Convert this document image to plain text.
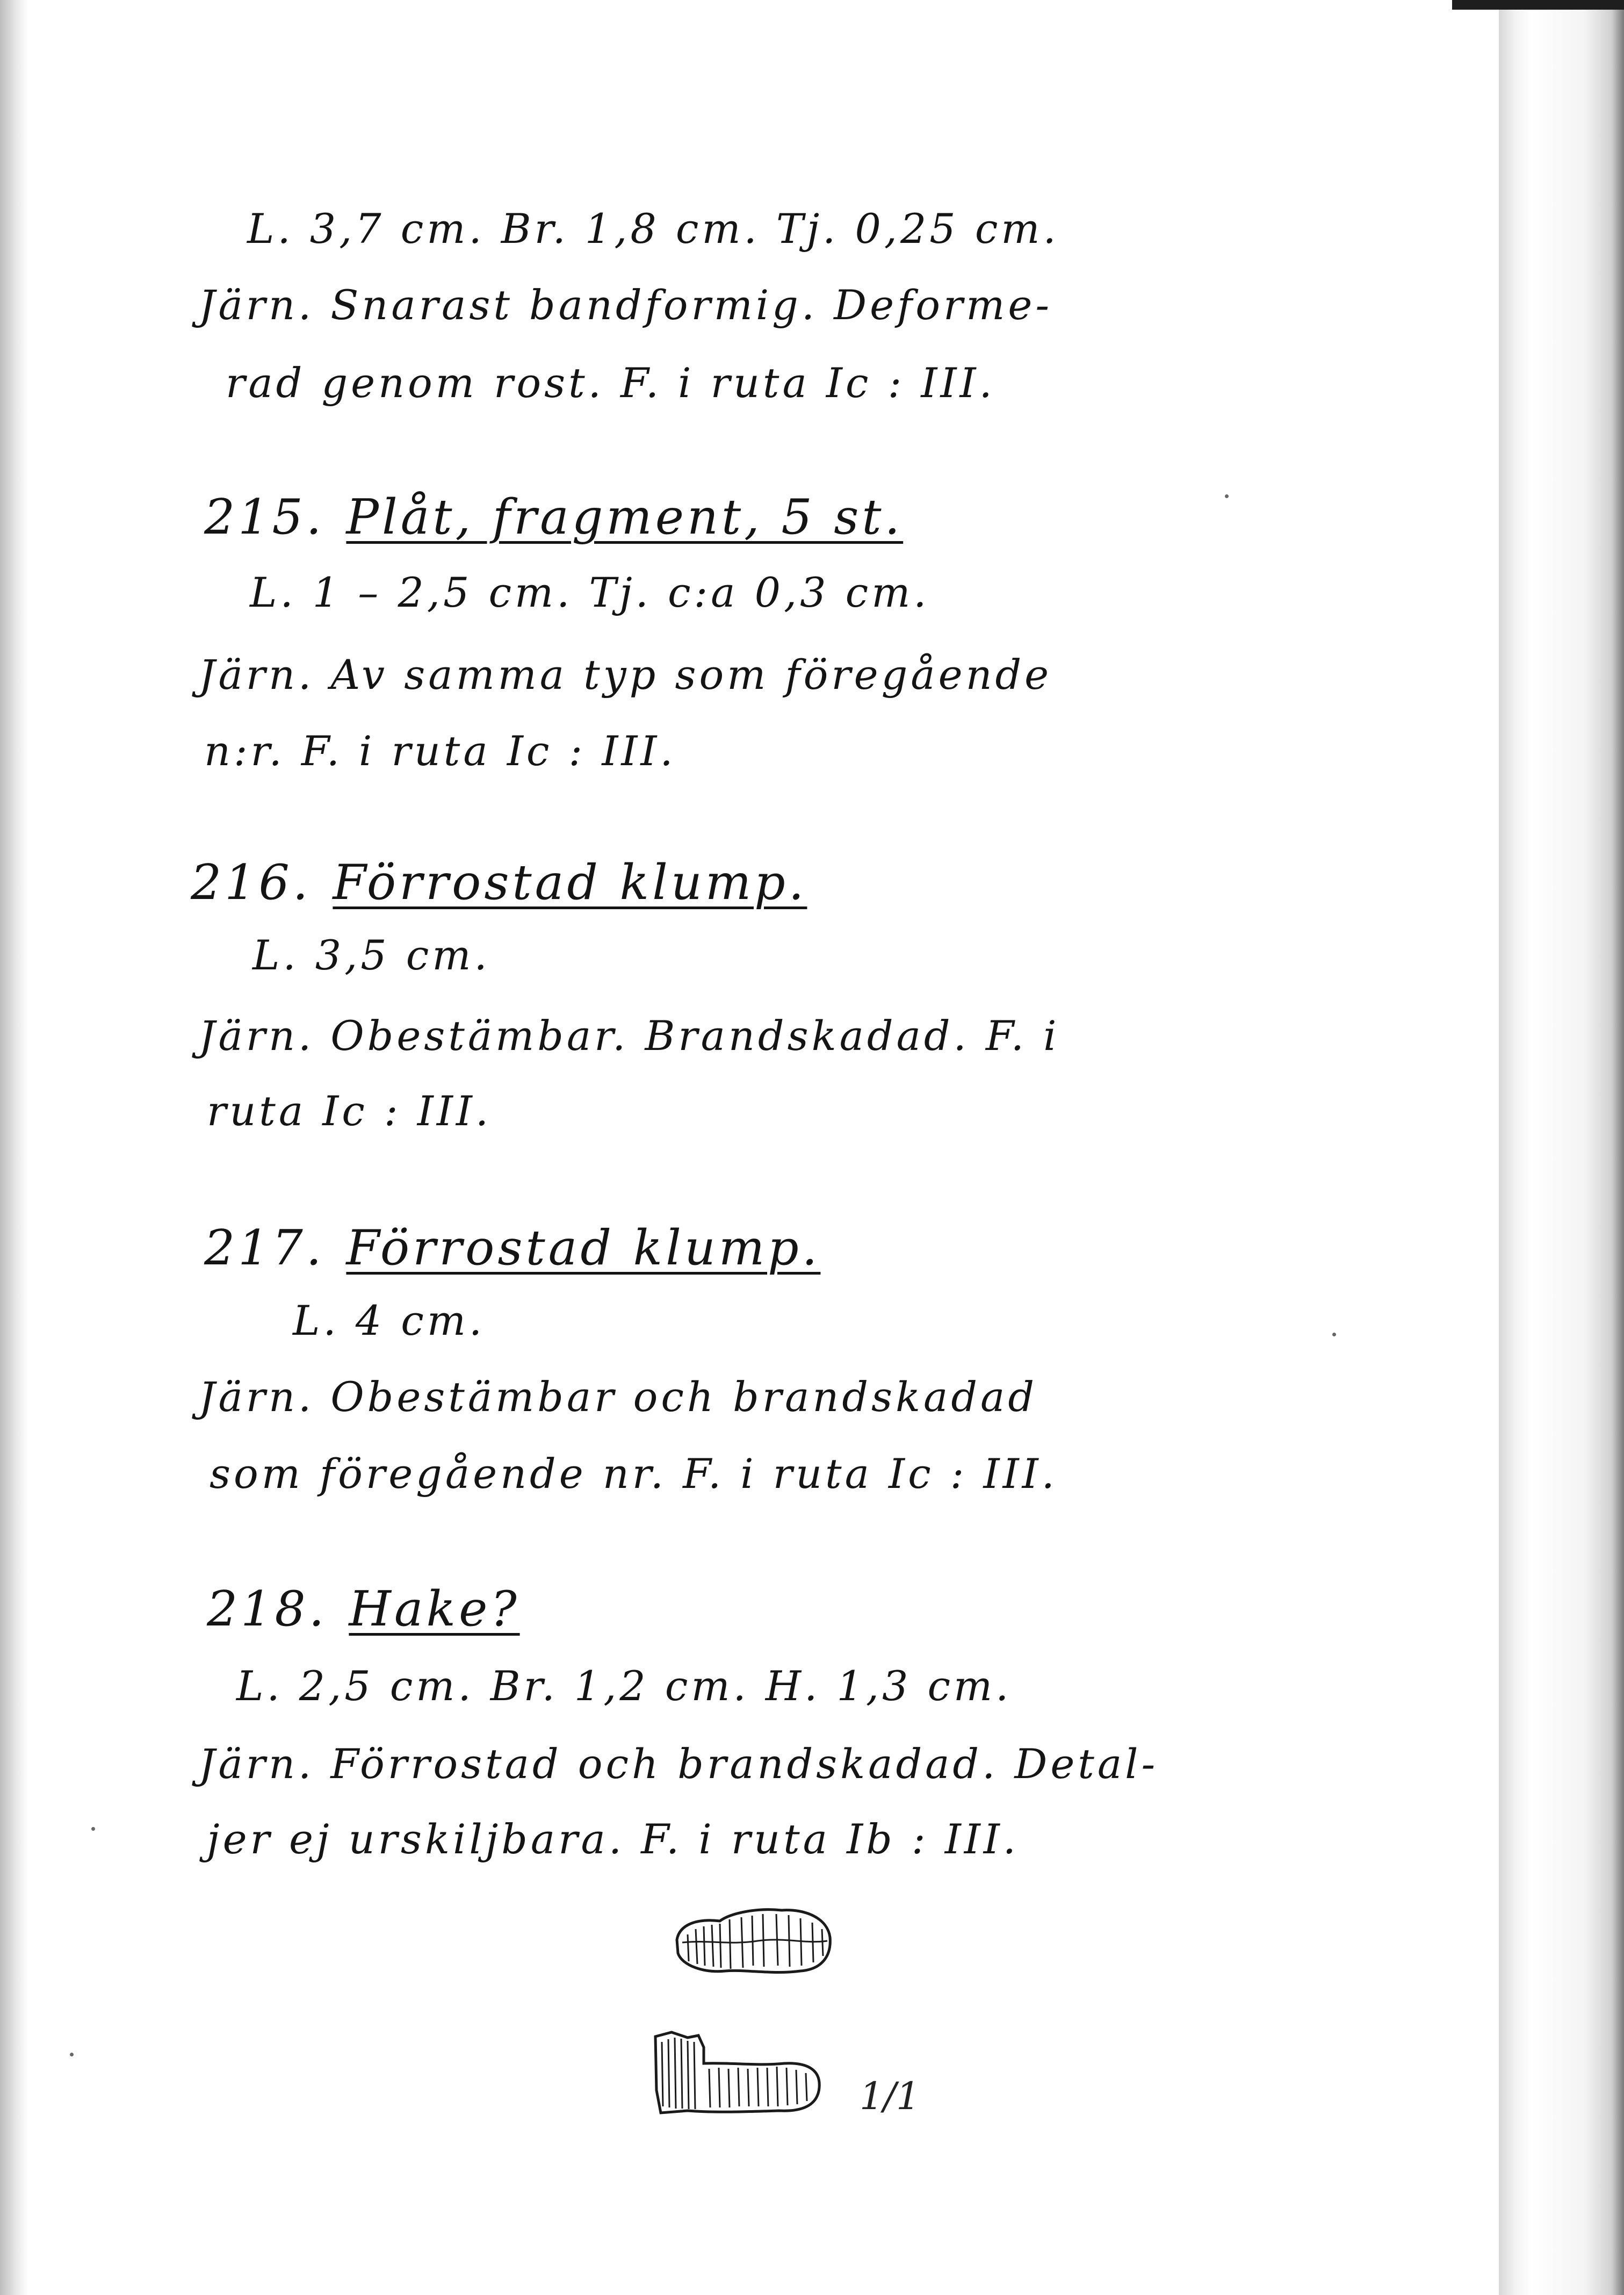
L. 3,7 cm. Br. 1,8 cm. Tj. 0,25 cm.
Järn. Snarast bandformig. Deforme-
rad genom rost. F. i ruta Ic : III.
215. Plåt, fragment, 5 st.
L. 1 – 2,5 cm. Tj. c:a 0,3 cm.
Järn. Av samma typ som föregående
n:r. F. i ruta Ic : III.
216. Förrostad klump.
L. 3,5 cm.
Järn. Obestämbar. Brandskadad. F. i
ruta Ic : III.
217. Förrostad klump.
L. 4 cm.
Järn. Obestämbar och brandskadad
som föregående nr. F. i ruta Ic : III.
218. Hake?
L. 2,5 cm. Br. 1,2 cm. H. 1,3 cm.
Järn. Förrostad och brandskadad. Detal-
jer ej urskiljbara. F. i ruta Ib : III.
1/1
